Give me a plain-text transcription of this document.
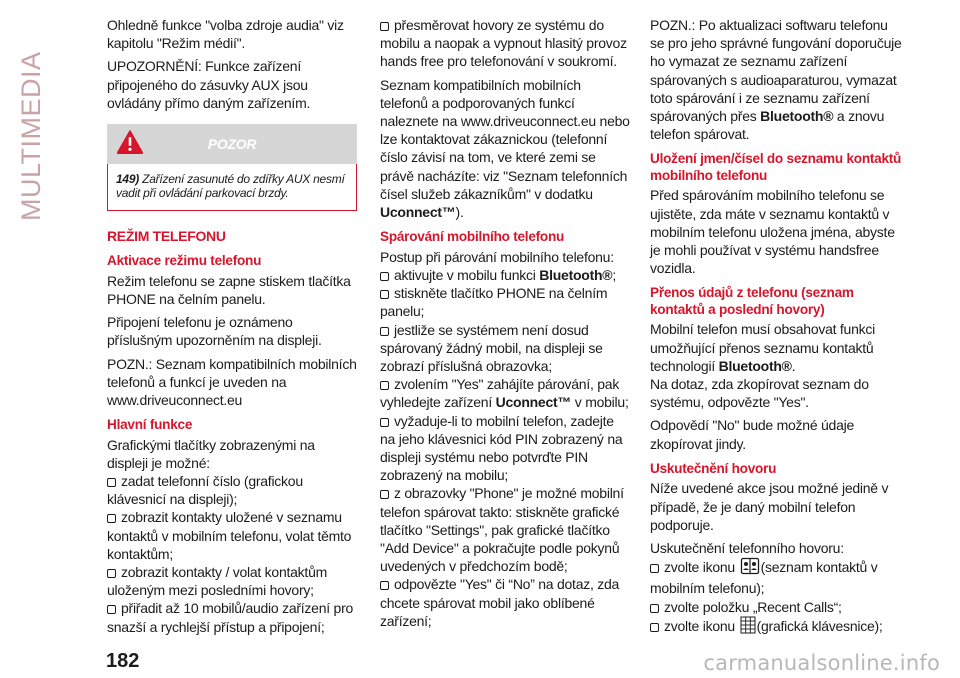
MULTIMEDIA

Ohledně funkce "volba zdroje audia" viz kapitolu "Režim médií".

UPOZORNĚNÍ: Funkce zařízení připojeného do zásuvky AUX jsou ovládány přímo daným zařízením.

POZOR
149) Zařízení zasunuté do zdířky AUX nesmí vadit při ovládání parkovací brzdy.
REŽIM TELEFONU
Aktivace režimu telefonu

Režim telefonu se zapne stiskem tlačítka PHONE na čelním panelu.

Připojení telefonu je oznámeno příslušným upozorněním na displeji.

POZN.: Seznam kompatibilních mobilních telefonů a funkcí je uveden na www.driveuconnect.eu

Hlavní funkce

Grafickými tlačítky zobrazenými na displeji je možné:

zadat telefonní číslo (grafickou klávesnicí na displeji);
zobrazit kontakty uložené v seznamu kontaktů v mobilním telefonu, volat těmto kontaktům;
zobrazit kontakty / volat kontaktům uloženým mezi posledními hovory;
přiřadit až 10 mobilů/audio zařízení pro snazší a rychlejší přístup a připojení;
přesměrovat hovory ze systému do mobilu a naopak a vypnout hlasitý provoz hands free pro telefonování v soukromí.

Seznam kompatibilních mobilních telefonů a podporovaných funkcí naleznete na www.driveuconnect.eu nebo lze kontaktovat zákaznickou (telefonní číslo závisí na tom, ve které zemi se právě nacházíte: viz "Seznam telefonních čísel služeb zákazníkům" v dodatku Uconnect™).

Spárování mobilního telefonu

Postup při párování mobilního telefonu:

aktivujte v mobilu funkci Bluetooth®;
stiskněte tlačítko PHONE na čelním panelu;
jestliže se systémem není dosud spárovaný žádný mobil, na displeji se zobrazí příslušná obrazovka;
zvolením "Yes" zahájíte párování, pak vyhledejte zařízení Uconnect™ v mobilu;
vyžaduje-li to mobilní telefon, zadejte na jeho klávesnici kód PIN zobrazený na displeji systému nebo potvrďte PIN zobrazený na mobilu;
z obrazovky "Phone" je možné mobilní telefon spárovat takto: stiskněte grafické tlačítko "Settings", pak grafické tlačítko "Add Device" a pokračujte podle pokynů uvedených v předchozím bodě;
odpovězte "Yes" či “No” na dotaz, zda chcete spárovat mobil jako oblíbené zařízení;

POZN.: Po aktualizaci softwaru telefonu se pro jeho správné fungování doporučuje ho vymazat ze seznamu zařízení spárovaných s audioaparaturou, vymazat toto spárování i ze seznamu zařízení spárovaných přes Bluetooth® a znovu telefon spárovat.

Uložení jmen/čísel do seznamu kontaktů mobilního telefonu

Před spárováním mobilního telefonu se ujistěte, zda máte v seznamu kontaktů v mobilním telefonu uložena jména, abyste je mohli používat v systému handsfree vozidla.

Přenos údajů z telefonu (seznam kontaktů a poslední hovory)

Mobilní telefon musí obsahovat funkci umožňující přenos seznamu kontaktů technologií Bluetooth®.

Na dotaz, zda zkopírovat seznam do systému, odpovězte "Yes".

Odpovědí "No" bude možné údaje zkopírovat jindy.

Uskutečnění hovoru

Níže uvedené akce jsou možné jedině v případě, že je daný mobilní telefon podporuje.

Uskutečnění telefonního hovoru:

zvolte ikonu (seznam kontaktů v mobilním telefonu);
zvolte položku „Recent Calls“;
zvolte ikonu (grafická klávesnice);
182	carmanualsonline.info
